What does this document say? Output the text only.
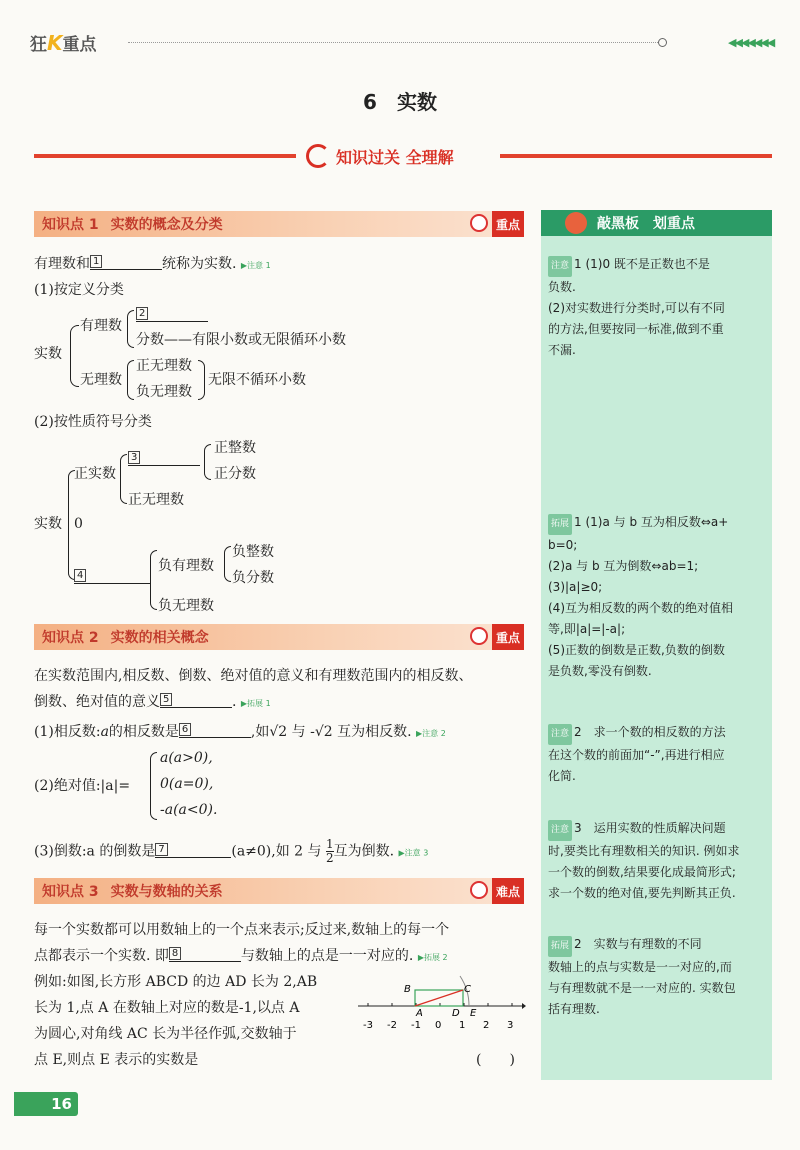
狂K重点	◀◀◀◀◀◀◀
6　实数
知识过关 全理解
知识点 1 实数的概念及分类	重点
有理数和 1	统称为实数. ▶注意 1
(1)按定义分类
实数
有理数
2
分数——有限小数或无限循环小数
无理数
正无理数
负无理数
无限不循环小数
(2)按性质符号分类
实数 0
正实数
3
正整数
正分数
正无理数
4
负有理数
负整数
负分数
负无理数
知识点 2 实数的相关概念	重点
在实数范围内,相反数、倒数、绝对值的意义和有理数范围内的相反数、
倒数、绝对值的意义 5	. ▶拓展 1
(1)相反数:a的相反数是 6	,如√2 与 -√2 互为相反数. ▶注意 2
(2)绝对值:|a|=
a(a>0),
0(a=0),
-a(a<0).
(3)倒数:a 的倒数是 7	(a≠0),如 2 与 $\frac{1}{2}$ 互为倒数. ▶注意 3
知识点 3 实数与数轴的关系	难点
每一个实数都可以用数轴上的一个点来表示;反过来,数轴上的每一个
点都表示一个实数. 即 8	与数轴上的点是一一对应的. ▶拓展 2
例如:如图,长方形 ABCD 的边 AD 长为 2,AB
长为 1,点 A 在数轴上对应的数是-1,以点 A
为圆心,对角线 AC 长为半径作弧,交数轴于
点 E,则点 E 表示的实数是	(　　)
-3 -2 -1 0 1 2 3
B	C
A	D E
敲黑板　划重点
注意 1 (1)0 既不是正数也不是
负数.
(2)对实数进行分类时,可以有不同
的方法,但要按同一标准,做到不重
不漏.
拓展 1 (1)a 与 b 互为相反数⇔a+
b=0;
(2)a 与 b 互为倒数⇔ab=1;
(3)|a|≥0;
(4)互为相反数的两个数的绝对值相
等,即|a|=|-a|;
(5)正数的倒数是正数,负数的倒数
是负数,零没有倒数.
注意 2　求一个数的相反数的方法
在这个数的前面加“-”,再进行相应
化简.
注意 3　运用实数的性质解决问题
时,要类比有理数相关的知识. 例如求
一个数的倒数,结果要化成最简形式;
求一个数的绝对值,要先判断其正负.
拓展 2　实数与有理数的不同
数轴上的点与实数是一一对应的,而
与有理数就不是一一对应的. 实数包
括有理数.
16
